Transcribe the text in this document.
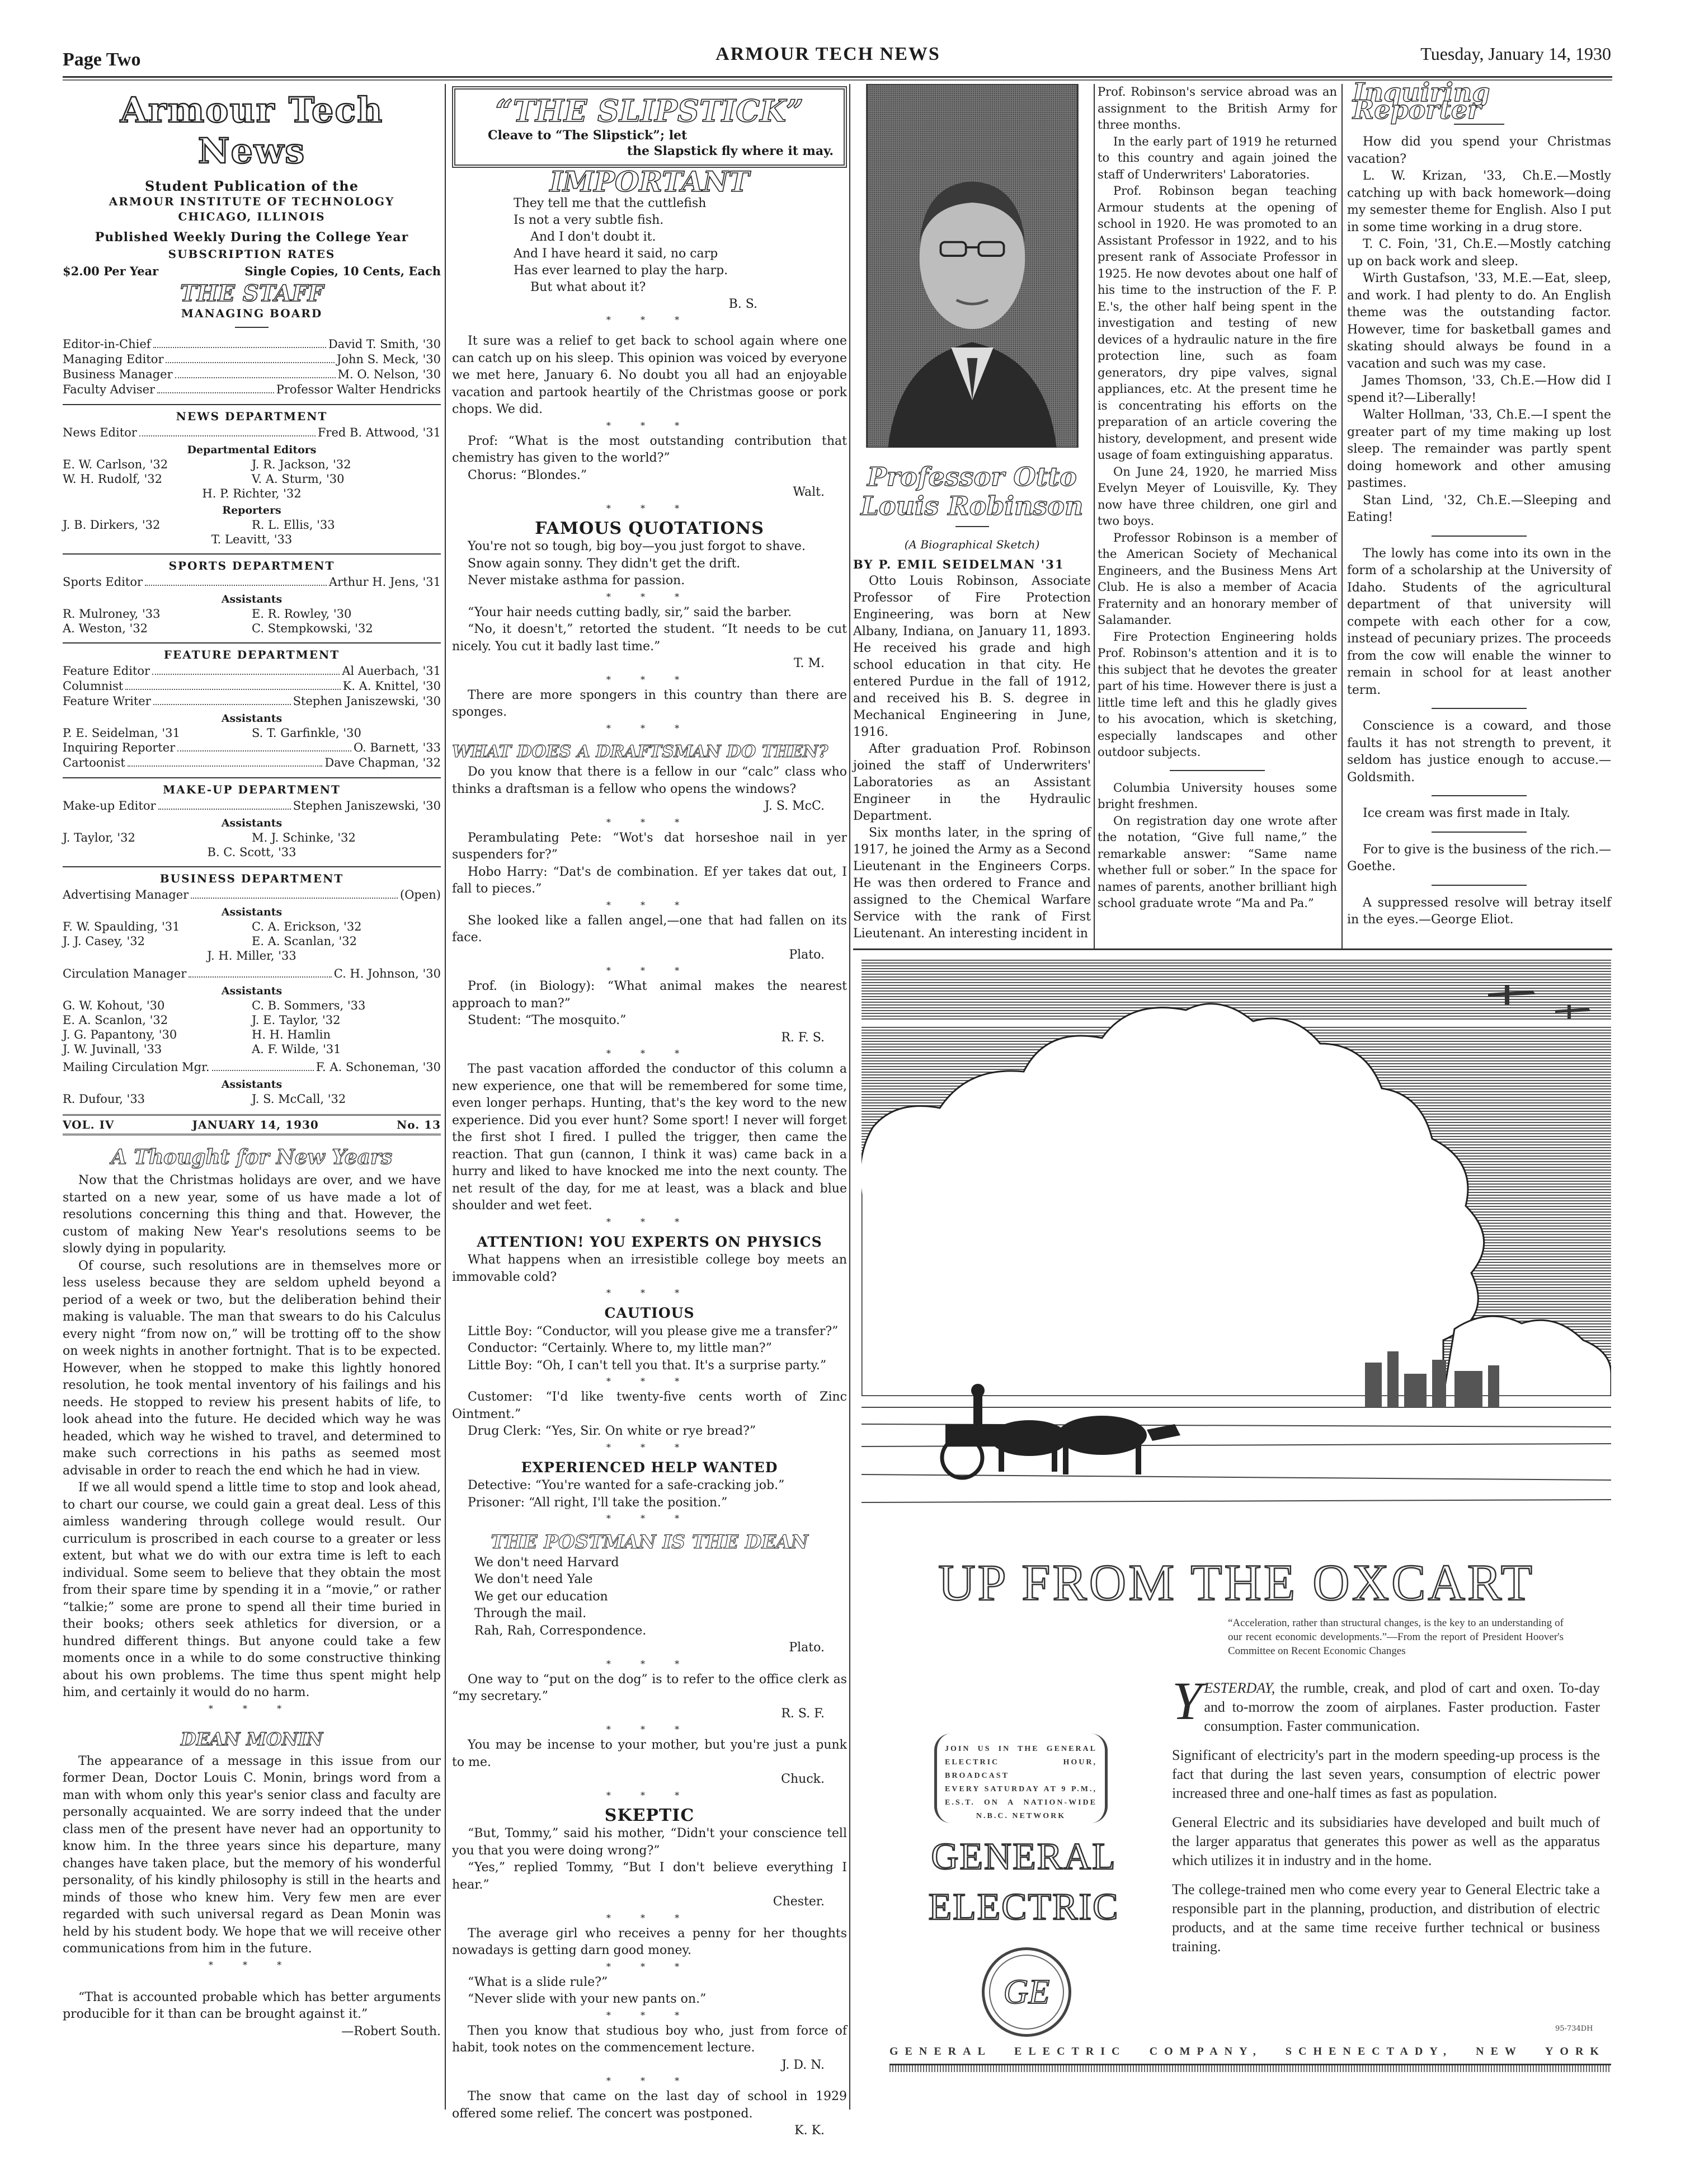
Page Two	ARMOUR TECH NEWS	Tuesday, January 14, 1930
Armour Tech News
Student Publication of the
ARMOUR INSTITUTE OF TECHNOLOGY
CHICAGO, ILLINOIS
Published Weekly During the College Year
SUBSCRIPTION RATES
$2.00 Per Year	Single Copies, 10 Cents, Each
THE STAFF
MANAGING BOARD
Editor-in-Chief	David T. Smith, '30
Managing Editor	John S. Meck, '30
Business Manager	M. O. Nelson, '30
Faculty Adviser	Professor Walter Hendricks
NEWS DEPARTMENT
News Editor	Fred B. Attwood, '31
Departmental Editors
E. W. Carlson, '32	J. R. Jackson, '32
W. H. Rudolf, '32	V. A. Sturm, '30
H. P. Richter, '32
Reporters
J. B. Dirkers, '32	R. L. Ellis, '33
T. Leavitt, '33
SPORTS DEPARTMENT
Sports Editor	Arthur H. Jens, '31
Assistants
R. Mulroney, '33	E. R. Rowley, '30
A. Weston, '32	C. Stempkowski, '32
FEATURE DEPARTMENT
Feature Editor	Al Auerbach, '31
Columnist	K. A. Knittel, '30
Feature Writer	Stephen Janiszewski, '30
Assistants
P. E. Seidelman, '31	S. T. Garfinkle, '30
Inquiring Reporter	O. Barnett, '33
Cartoonist	Dave Chapman, '32
MAKE-UP DEPARTMENT
Make-up Editor	Stephen Janiszewski, '30
Assistants
J. Taylor, '32	M. J. Schinke, '32
B. C. Scott, '33
BUSINESS DEPARTMENT
Advertising Manager	(Open)
Assistants
F. W. Spaulding, '31	C. A. Erickson, '32
J. J. Casey, '32	E. A. Scanlan, '32
J. H. Miller, '33
Circulation Manager	C. H. Johnson, '30
Assistants
G. W. Kohout, '30	C. B. Sommers, '33
E. A. Scanlon, '32	J. E. Taylor, '32
J. G. Papantony, '30	H. H. Hamlin
J. W. Juvinall, '33	A. F. Wilde, '31
Mailing Circulation Mgr.	F. A. Schoneman, '30
Assistants
R. Dufour, '33	J. S. McCall, '32
VOL. IV	JANUARY 14, 1930	No. 13
A Thought for New Years

Now that the Christmas holidays are over, and we have started on a new year, some of us have made a lot of resolutions concerning this thing and that. However, the custom of making New Year's resolutions seems to be slowly dying in popularity.

Of course, such resolutions are in themselves more or less useless because they are seldom upheld beyond a period of a week or two, but the deliberation behind their making is valuable. The man that swears to do his Calculus every night “from now on,” will be trotting off to the show on week nights in another fortnight. That is to be expected. However, when he stopped to make this lightly honored resolution, he took mental inventory of his failings and his needs. He stopped to review his present habits of life, to look ahead into the future. He decided which way he was headed, which way he wished to travel, and determined to make such corrections in his paths as seemed most advisable in order to reach the end which he had in view.

If we all would spend a little time to stop and look ahead, to chart our course, we could gain a great deal. Less of this aimless wandering through college would result. Our curriculum is proscribed in each course to a greater or less extent, but what we do with our extra time is left to each individual. Some seem to believe that they obtain the most from their spare time by spending it in a “movie,” or rather “talkie;” some are prone to spend all their time buried in their books; others seek athletics for diversion, or a hundred different things. But anyone could take a few moments once in a while to do some constructive thinking about his own problems. The time thus spent might help him, and certainly it would do no harm.

* * *
DEAN MONIN

The appearance of a message in this issue from our former Dean, Doctor Louis C. Monin, brings word from a man with whom only this year's senior class and faculty are personally acquainted. We are sorry indeed that the under class men of the present have never had an opportunity to know him. In the three years since his departure, many changes have taken place, but the memory of his wonderful personality, of his kindly philosophy is still in the hearts and minds of those who knew him. Very few men are ever regarded with such universal regard as Dean Monin was held by his student body. We hope that we will receive other communications from him in the future.

* * *

“That is accounted probable which has better arguments producible for it than can be brought against it.”

—Robert South.
“THE SLIPSTICK”
Cleave to “The Slipstick”; let
the Slapstick fly where it may.
IMPORTANT
They tell me that the cuttlefish
Is not a very subtle fish.
And I don't doubt it.
And I have heard it said, no carp
Has ever learned to play the harp.
But what about it?
B. S.
* * *

It sure was a relief to get back to school again where one can catch up on his sleep. This opinion was voiced by everyone we met here, January 6. No doubt you all had an enjoyable vacation and partook heartily of the Christmas goose or pork chops. We did.

* * *

Prof: “What is the most outstanding contribution that chemistry has given to the world?”

Chorus: “Blondes.”

Walt.
* * *
FAMOUS QUOTATIONS

You're not so tough, big boy—you just forgot to shave.

Snow again sonny. They didn't get the drift.

Never mistake asthma for passion.

* * *

“Your hair needs cutting badly, sir,” said the barber.

“No, it doesn't,” retorted the student. “It needs to be cut nicely. You cut it badly last time.”

T. M.
* * *

There are more spongers in this country than there are sponges.

* * *
WHAT DOES A DRAFTSMAN DO THEN?

Do you know that there is a fellow in our “calc” class who thinks a draftsman is a fellow who opens the windows?

J. S. McC.
* * *

Perambulating Pete: “Wot's dat horseshoe nail in yer suspenders for?”

Hobo Harry: “Dat's de combination. Ef yer takes dat out, I fall to pieces.”

* * *

She looked like a fallen angel,—one that had fallen on its face.

Plato.
* * *

Prof. (in Biology): “What animal makes the nearest approach to man?”

Student: “The mosquito.”

R. F. S.
* * *

The past vacation afforded the conductor of this column a new experience, one that will be remembered for some time, even longer perhaps. Hunting, that's the key word to the new experience. Did you ever hunt? Some sport! I never will forget the first shot I fired. I pulled the trigger, then came the reaction. That gun (cannon, I think it was) came back in a hurry and liked to have knocked me into the next county. The net result of the day, for me at least, was a black and blue shoulder and wet feet.

* * *
ATTENTION! YOU EXPERTS ON PHYSICS

What happens when an irresistible college boy meets an immovable cold?

* * *
CAUTIOUS

Little Boy: “Conductor, will you please give me a transfer?”

Conductor: “Certainly. Where to, my little man?”

Little Boy: “Oh, I can't tell you that. It's a surprise party.”

* * *

Customer: “I'd like twenty-five cents worth of Zinc Ointment.”

Drug Clerk: “Yes, Sir. On white or rye bread?”

* * *
EXPERIENCED HELP WANTED

Detective: “You're wanted for a safe-cracking job.”

Prisoner: “All right, I'll take the position.”

* * *
THE POSTMAN IS THE DEAN
We don't need Harvard
We don't need Yale
We get our education
Through the mail.
Rah, Rah, Correspondence.
Plato.
* * *

One way to “put on the dog” is to refer to the office clerk as “my secretary.”

R. S. F.
* * *

You may be incense to your mother, but you're just a punk to me.

Chuck.
* * *
SKEPTIC

“But, Tommy,” said his mother, “Didn't your conscience tell you that you were doing wrong?”

“Yes,” replied Tommy, “But I don't believe everything I hear.”

Chester.
* * *

The average girl who receives a penny for her thoughts nowadays is getting darn good money.

* * *

“What is a slide rule?”

“Never slide with your new pants on.”

* * *

Then you know that studious boy who, just from force of habit, took notes on the commencement lecture.

J. D. N.
* * *

The snow that came on the last day of school in 1929 offered some relief. The concert was postponed.

K. K.
Professor Otto
Louis Robinson
(A Biographical Sketch)
BY P. EMIL SEIDELMAN '31

Otto Louis Robinson, Associate Professor of Fire Protection Engineering, was born at New Albany, Indiana, on January 11, 1893. He received his grade and high school education in that city. He entered Purdue in the fall of 1912, and received his B. S. degree in Mechanical Engineering in June, 1916.

After graduation Prof. Robinson joined the staff of Underwriters' Laboratories as an Assistant Engineer in the Hydraulic Department.

Six months later, in the spring of 1917, he joined the Army as a Second Lieutenant in the Engineers Corps. He was then ordered to France and assigned to the Chemical Warfare Service with the rank of First Lieutenant. An interesting incident in

Prof. Robinson's service abroad was an assignment to the British Army for three months.

In the early part of 1919 he returned to this country and again joined the staff of Underwriters' Laboratories.

Prof. Robinson began teaching Armour students at the opening of school in 1920. He was promoted to an Assistant Professor in 1922, and to his present rank of Associate Professor in 1925. He now devotes about one half of his time to the instruction of the F. P. E.'s, the other half being spent in the investigation and testing of new devices of a hydraulic nature in the fire protection line, such as foam generators, dry pipe valves, signal appliances, etc. At the present time he is concentrating his efforts on the preparation of an article covering the history, development, and present wide usage of foam extinguishing apparatus.

On June 24, 1920, he married Miss Evelyn Meyer of Louisville, Ky. They now have three children, one girl and two boys.

Professor Robinson is a member of the American Society of Mechanical Engineers, and the Business Mens Art Club. He is also a member of Acacia Fraternity and an honorary member of Salamander.

Fire Protection Engineering holds Prof. Robinson's attention and it is to this subject that he devotes the greater part of his time. However there is just a little time left and this he gladly gives to his avocation, which is sketching, especially landscapes and other outdoor subjects.

Columbia University houses some bright freshmen.

On registration day one wrote after the notation, “Give full name,” the remarkable answer: “Same name whether full or sober.” In the space for names of parents, another brilliant high school graduate wrote “Ma and Pa.”

Inquiring Reporter

How did you spend your Christmas vacation?

L. W. Krizan, '33, Ch.E.—Mostly catching up with back homework—doing my semester theme for English. Also I put in some time working in a drug store.

T. C. Foin, '31, Ch.E.—Mostly catching up on back work and sleep.

Wirth Gustafson, '33, M.E.—Eat, sleep, and work. I had plenty to do. An English theme was the outstanding factor. However, time for basketball games and skating should always be found in a vacation and such was my case.

James Thomson, '33, Ch.E.—How did I spend it?—Liberally!

Walter Hollman, '33, Ch.E.—I spent the greater part of my time making up lost sleep. The remainder was partly spent doing homework and other amusing pastimes.

Stan Lind, '32, Ch.E.—Sleeping and Eating!

The lowly has come into its own in the form of a scholarship at the University of Idaho. Students of the agricultural department of that university will compete with each other for a cow, instead of pecuniary prizes. The proceeds from the cow will enable the winner to remain in school for at least another term.

Conscience is a coward, and those faults it has not strength to prevent, it seldom has justice enough to accuse.—Goldsmith.

Ice cream was first made in Italy.

For to give is the business of the rich.—Goethe.

A suppressed resolve will betray itself in the eyes.—George Eliot.

UP FROM THE OXCART
“Acceleration, rather than structural changes, is the key to an understanding of our recent economic developments.”—From the report of President Hoover's Committee on Recent Economic Changes
JOIN US IN THE GENERAL
ELECTRIC HOUR, BROADCAST
EVERY SATURDAY AT 9 P.M.,
E.S.T. ON A NATION-WIDE
N.B.C. NETWORK
GENERAL
ELECTRIC
GE

YESTERDAY, the rumble, creak, and plod of cart and oxen. To-day and to-morrow the zoom of airplanes. Faster production. Faster consumption. Faster communication.

Significant of electricity's part in the modern speeding-up process is the fact that during the last seven years, consumption of electric power increased three and one-half times as fast as population.

General Electric and its subsidiaries have developed and built much of the larger apparatus that generates this power as well as the apparatus which utilizes it in industry and in the home.

The college-trained men who come every year to General Electric take a responsible part in the planning, production, and distribution of electric products, and at the same time receive further technical or business training.

95-734DH
GENERAL ELECTRIC COMPANY, SCHENECTADY, NEW YORK
